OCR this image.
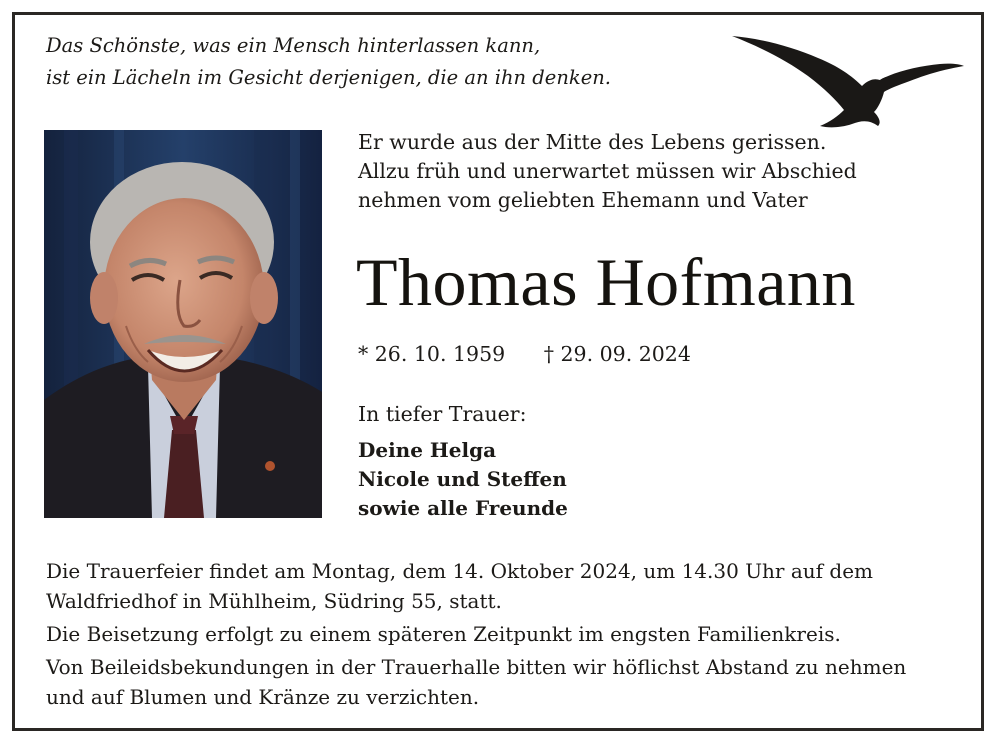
Das Schönste, was ein Mensch hinterlassen kann,
ist ein Lächeln im Gesicht derjenigen, die an ihn denken.
Er wurde aus der Mitte des Lebens gerissen.
Allzu früh und unerwartet müssen wir Abschied
nehmen vom geliebten Ehemann und Vater
Thomas Hofmann
* 26. 10. 1959 † 29. 09. 2024
In tiefer Trauer:
Deine Helga
Nicole und Steffen
sowie alle Freunde

Die Trauerfeier findet am Montag, dem 14. Oktober 2024, um 14.30 Uhr auf dem
Waldfriedhof in Mühlheim, Südring 55, statt.

Die Beisetzung erfolgt zu einem späteren Zeitpunkt im engsten Familienkreis.

Von Beileidsbekundungen in der Trauerhalle bitten wir höflichst Abstand zu nehmen
und auf Blumen und Kränze zu verzichten.
